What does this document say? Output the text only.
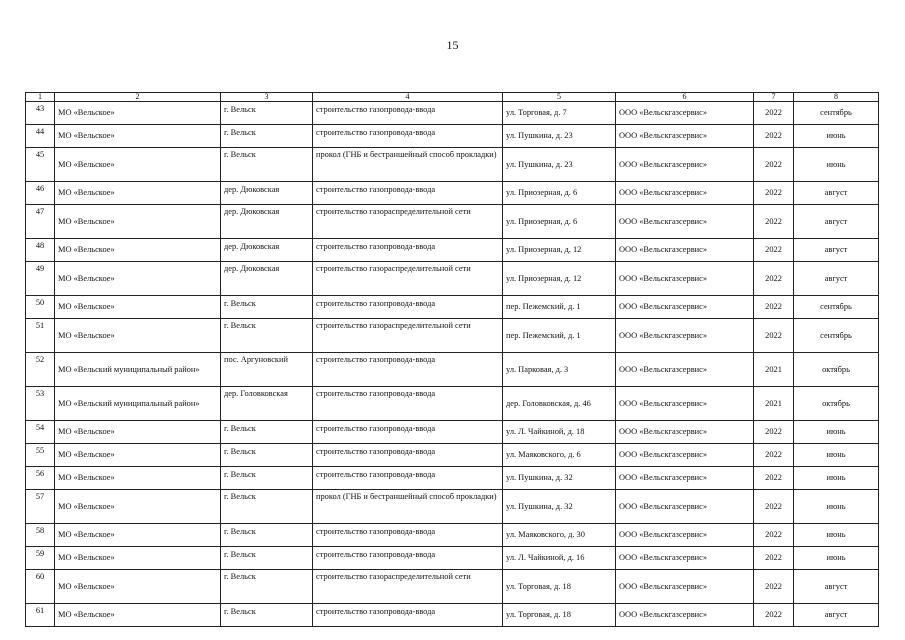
15
1	2	3	4	5	6	7	8
43	МО «Вельское»	г. Вельск	строительство газопровода-ввода	ул. Торговая, д. 7	ООО «Вельскгазсервис»	2022	сентябрь
44	МО «Вельское»	г. Вельск	строительство газопровода-ввода	ул. Пушкина, д. 23	ООО «Вельскгазсервис»	2022	июнь
45	МО «Вельское»	г. Вельск	прокол (ГНБ и бестраншейный способ прокладки)	ул. Пушкина, д. 23	ООО «Вельскгазсервис»	2022	июнь
46	МО «Вельское»	дер. Дюковская	строительство газопровода-ввода	ул. Приозерная, д. 6	ООО «Вельскгазсервис»	2022	август
47	МО «Вельское»	дер. Дюковская	строительство газораспределительной сети	ул. Приозерная, д. 6	ООО «Вельскгазсервис»	2022	август
48	МО «Вельское»	дер. Дюковская	строительство газопровода-ввода	ул. Приозерная, д. 12	ООО «Вельскгазсервис»	2022	август
49	МО «Вельское»	дер. Дюковская	строительство газораспределительной сети	ул. Приозерная, д. 12	ООО «Вельскгазсервис»	2022	август
50	МО «Вельское»	г. Вельск	строительство газопровода-ввода	пер. Пежемский, д. 1	ООО «Вельскгазсервис»	2022	сентябрь
51	МО «Вельское»	г. Вельск	строительство газораспределительной сети	пер. Пежемский, д. 1	ООО «Вельскгазсервис»	2022	сентябрь
52	МО «Вельский муниципальный район»	пос. Аргуновский	строительство газопровода-ввода	ул. Парковая, д. 3	ООО «Вельскгазсервис»	2021	октябрь
53	МО «Вельский муниципальный район»	дер. Головковская	строительство газопровода-ввода	дер. Головковская, д. 46	ООО «Вельскгазсервис»	2021	октябрь
54	МО «Вельское»	г. Вельск	строительство газопровода-ввода	ул. Л. Чайкиной, д. 18	ООО «Вельскгазсервис»	2022	июнь
55	МО «Вельское»	г. Вельск	строительство газопровода-ввода	ул. Маяковского, д. 6	ООО «Вельскгазсервис»	2022	июнь
56	МО «Вельское»	г. Вельск	строительство газопровода-ввода	ул. Пушкина, д. 32	ООО «Вельскгазсервис»	2022	июнь
57	МО «Вельское»	г. Вельск	прокол (ГНБ и бестраншейный способ прокладки)	ул. Пушкина, д. 32	ООО «Вельскгазсервис»	2022	июнь
58	МО «Вельское»	г. Вельск	строительство газопровода-ввода	ул. Маяковского, д. 30	ООО «Вельскгазсервис»	2022	июнь
59	МО «Вельское»	г. Вельск	строительство газопровода-ввода	ул. Л. Чайкиной, д. 16	ООО «Вельскгазсервис»	2022	июнь
60	МО «Вельское»	г. Вельск	строительство газораспределительной сети	ул. Торговая, д. 18	ООО «Вельскгазсервис»	2022	август
61	МО «Вельское»	г. Вельск	строительство газопровода-ввода	ул. Торговая, д. 18	ООО «Вельскгазсервис»	2022	август
